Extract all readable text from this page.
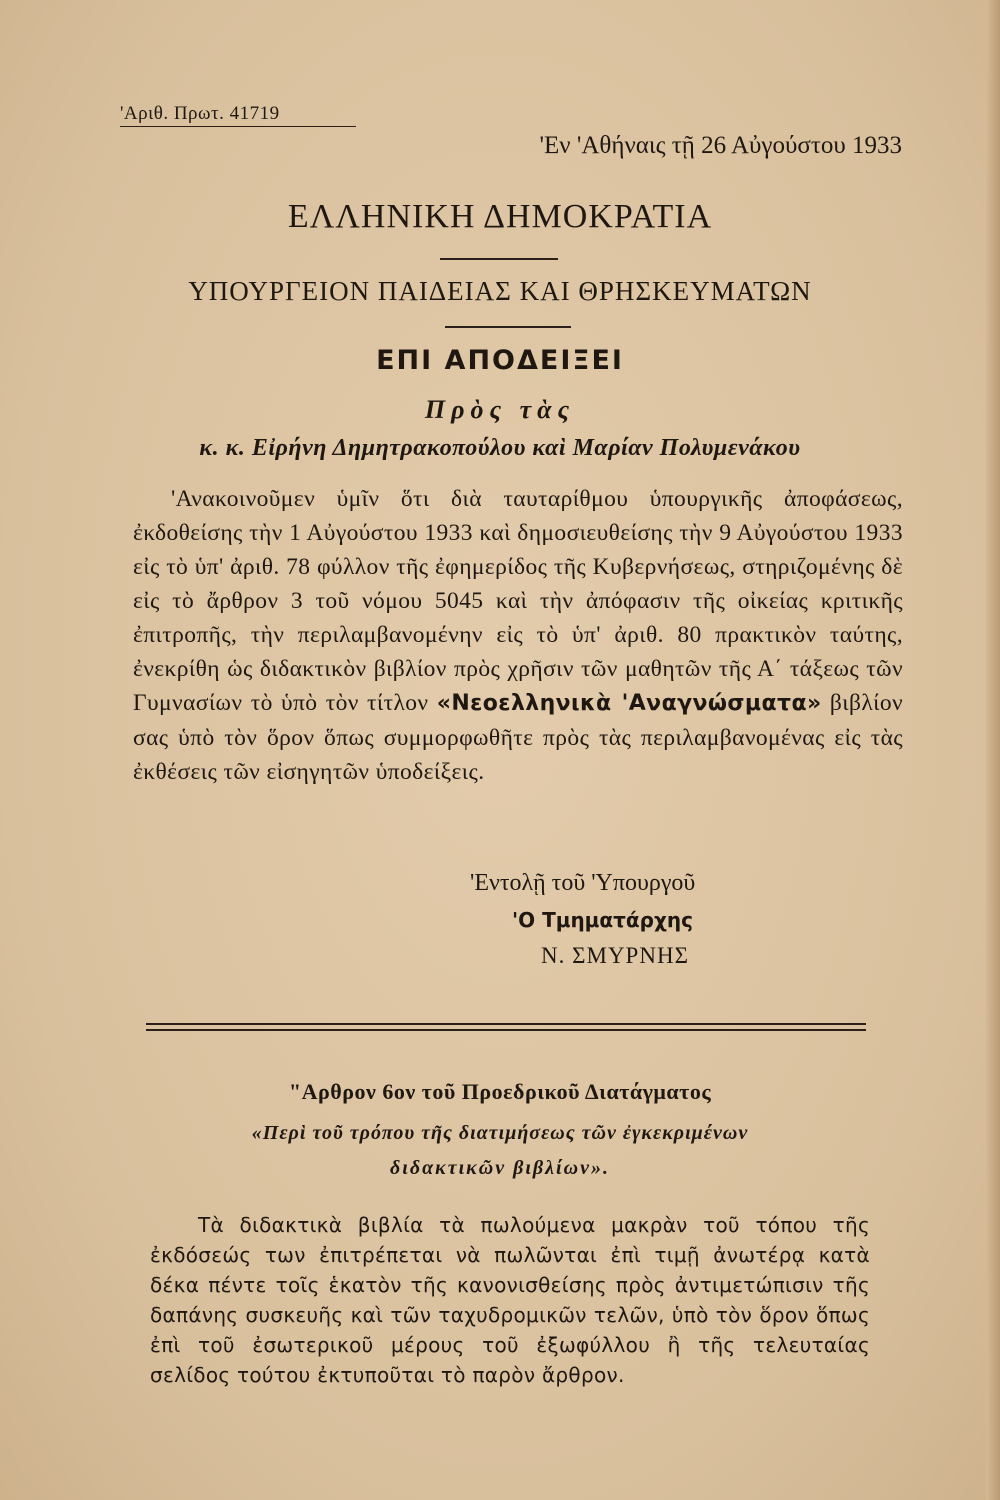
'Αριθ. Πρωτ. 41719
'Εν 'Αθήναις τῇ 26 Αὐγούστου 1933
ΕΛΛΗΝΙΚΗ ΔΗΜΟΚΡΑΤΙΑ
ΥΠΟΥΡΓΕΙΟΝ ΠΑΙΔΕΙΑΣ ΚΑΙ ΘΡΗΣΚΕΥΜΑΤΩΝ
ΕΠΙ ΑΠΟΔΕΙΞΕΙ
Πρὸς τὰς
κ. κ. Εἰρήνη Δημητρακοπούλου καὶ Μαρίαν Πολυμενάκου
'Ανακοινοῦμεν ὑμῖν ὅτι διὰ ταυταρίθμου ὑπουργικῆς ἀποφάσεως, ἐκδοθείσης τὴν 1 Αὐγούστου 1933 καὶ δημοσιευθείσης τὴν 9 Αὐγούστου 1933 εἰς τὸ ὑπ' ἀριθ. 78 φύλλον τῆς ἐφημερίδος τῆς Κυβερνήσεως, στηριζομένης δὲ εἰς τὸ ἄρθρον 3 τοῦ νόμου 5045 καὶ τὴν ἀπόφασιν τῆς οἰκείας κριτικῆς ἐπιτροπῆς, τὴν περιλαμβανομένην εἰς τὸ ὑπ' ἀριθ. 80 πρακτικὸν ταύτης, ἐνεκρίθη ὡς διδακτικὸν βιβλίον πρὸς χρῆσιν τῶν μαθητῶν τῆς Α΄ τάξεως τῶν Γυμνασίων τὸ ὑπὸ τὸν τίτλον «Νεοελληνικὰ 'Αναγνώσματα» βιβλίον σας ὑπὸ τὸν ὅρον ὅπως συμμορφωθῆτε πρὸς τὰς περιλαμβανομένας εἰς τὰς ἐκθέσεις τῶν εἰσηγητῶν ὑποδείξεις.
'Εντολῇ τοῦ 'Υπουργοῦ
'Ο Τμηματάρχης
Ν. ΣΜΥΡΝΗΣ
"Αρθρον 6ον τοῦ Προεδρικοῦ Διατάγματος
«Περὶ τοῦ τρόπου τῆς διατιμήσεως τῶν ἐγκεκριμένων
διδακτικῶν βιβλίων».
Τὰ διδακτικὰ βιβλία τὰ πωλούμενα μακρὰν τοῦ τόπου τῆς ἐκδόσεώς των ἐπιτρέπεται νὰ πωλῶνται ἐπὶ τιμῇ ἀνωτέρᾳ κατὰ δέκα πέντε τοῖς ἑκατὸν τῆς κανονισθείσης πρὸς ἀντιμετώπισιν τῆς δαπάνης συσκευῆς καὶ τῶν ταχυδρομικῶν τελῶν, ὑπὸ τὸν ὅρον ὅπως ἐπὶ τοῦ ἐσωτερικοῦ μέρους τοῦ ἐξωφύλλου ἢ τῆς τελευταίας σελίδος τούτου ἐκτυποῦται τὸ παρὸν ἄρθρον.
